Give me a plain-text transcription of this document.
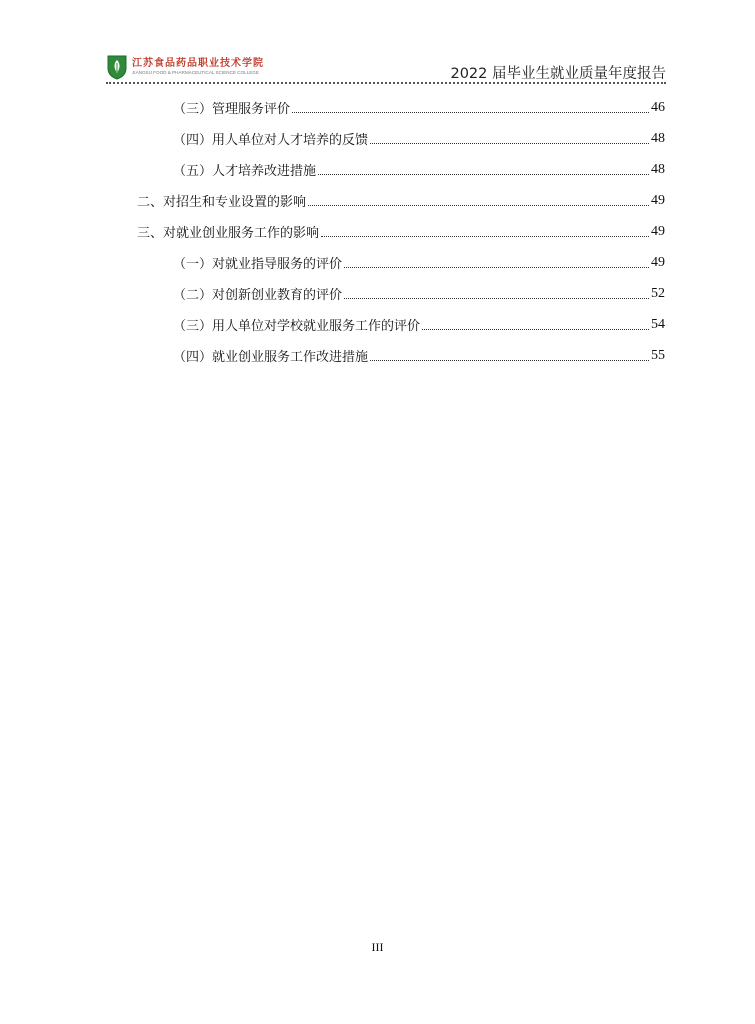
江苏食品药品职业技术学院
JIANGSU FOOD & PHARMACEUTICAL SCIENCE COLLEGE	2022 届毕业生就业质量年度报告
（三）管理服务评价	46
（四）用人单位对人才培养的反馈	48
（五）人才培养改进措施	48
二、对招生和专业设置的影响	49
三、对就业创业服务工作的影响	49
（一）对就业指导服务的评价	49
（二）对创新创业教育的评价	52
（三）用人单位对学校就业服务工作的评价	54
（四）就业创业服务工作改进措施	55
III
